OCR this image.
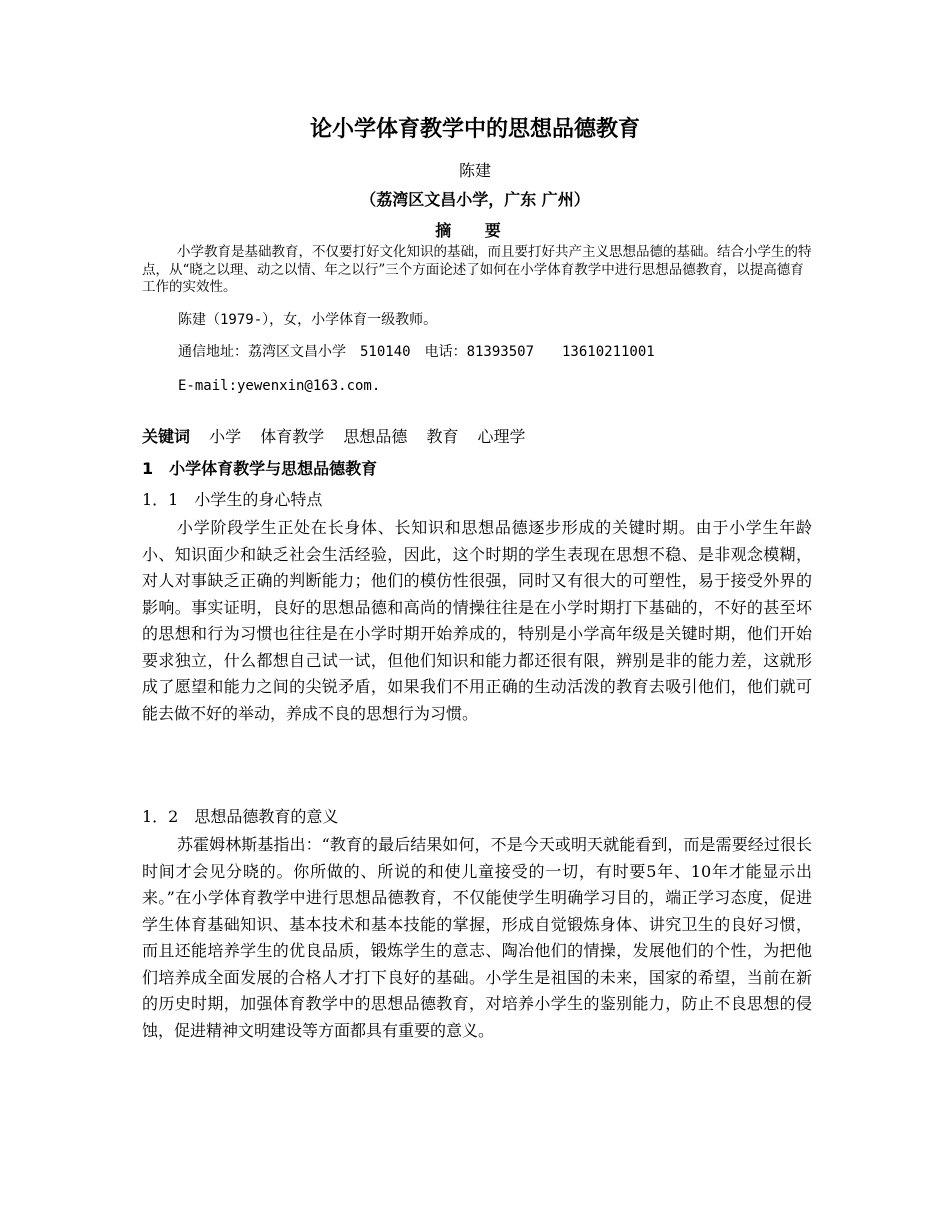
论小学体育教学中的思想品德教育
陈建
（荔湾区文昌小学，广东 广州）
摘 要
小学教育是基础教育，不仅要打好文化知识的基础，而且要打好共产主义思想品德的基础。结合小学生的特点，从“晓之以理、动之以情、年之以行”三个方面论述了如何在小学体育教学中进行思想品德教育，以提高德育工作的实效性。
陈建（1979-），女，小学体育一级教师。
通信地址：荔湾区文昌小学　510140　电话：81393507　　13610211001
E-mail:yewenxin@163.com.
关键词 小学 体育教学 思想品德 教育 心理学
1　小学体育教学与思想品德教育
1．1　小学生的身心特点

小学阶段学生正处在长身体、长知识和思想品德逐步形成的关键时期。由于小学生年龄小、知识面少和缺乏社会生活经验，因此，这个时期的学生表现在思想不稳、是非观念模糊，对人对事缺乏正确的判断能力；他们的模仿性很强，同时又有很大的可塑性，易于接受外界的影响。事实证明，良好的思想品德和高尚的情操往往是在小学时期打下基础的，不好的甚至坏的思想和行为习惯也往往是在小学时期开始养成的，特别是小学高年级是关键时期，他们开始要求独立，什么都想自己试一试，但他们知识和能力都还很有限，辨别是非的能力差，这就形成了愿望和能力之间的尖锐矛盾，如果我们不用正确的生动活泼的教育去吸引他们，他们就可能去做不好的举动，养成不良的思想行为习惯。

1．2　思想品德教育的意义

苏霍姆林斯基指出：“教育的最后结果如何，不是今天或明天就能看到，而是需要经过很长时间才会见分晓的。你所做的、所说的和使儿童接受的一切，有时要5年、10年才能显示出来。”在小学体育教学中进行思想品德教育，不仅能使学生明确学习目的，端正学习态度，促进学生体育基础知识、基本技术和基本技能的掌握，形成自觉锻炼身体、讲究卫生的良好习惯，而且还能培养学生的优良品质，锻炼学生的意志、陶冶他们的情操，发展他们的个性，为把他们培养成全面发展的合格人才打下良好的基础。小学生是祖国的未来，国家的希望，当前在新的历史时期，加强体育教学中的思想品德教育，对培养小学生的鉴别能力，防止不良思想的侵蚀，促进精神文明建设等方面都具有重要的意义。
